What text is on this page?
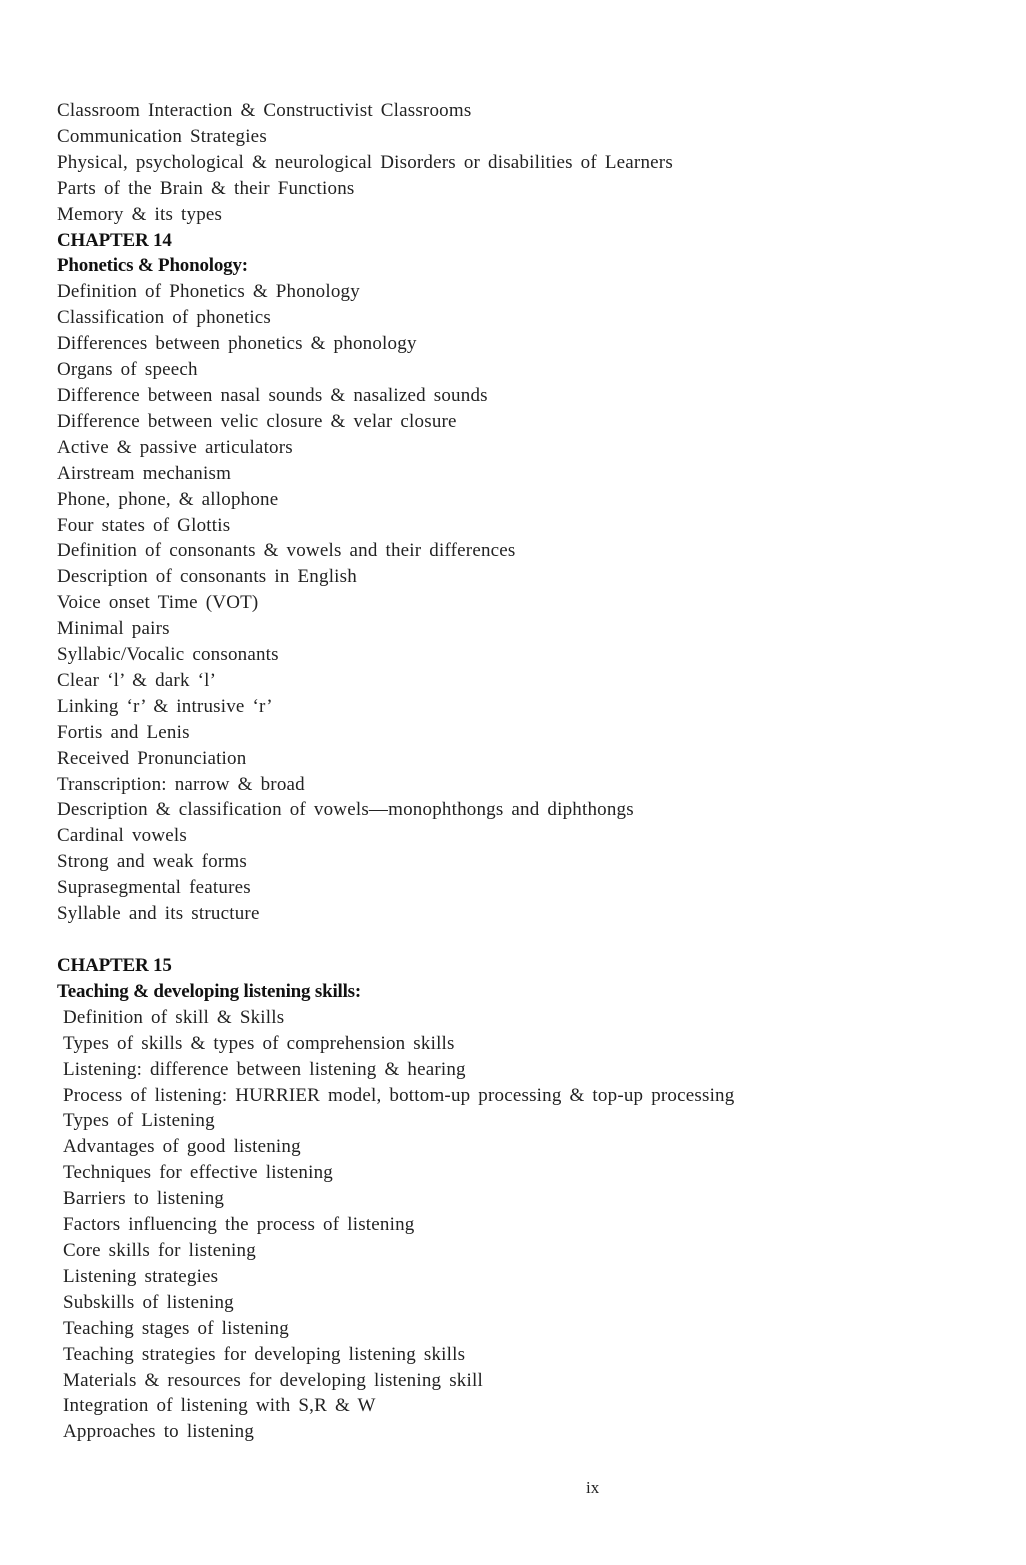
Classroom Interaction & Constructivist Classrooms
Communication Strategies
Physical, psychological & neurological Disorders or disabilities of Learners
Parts of the Brain & their Functions
Memory & its types
CHAPTER 14
Phonetics & Phonology:
Definition of Phonetics & Phonology
Classification of phonetics
Differences between phonetics & phonology
Organs of speech
Difference between nasal sounds & nasalized sounds
Difference between velic closure & velar closure
Active & passive articulators
Airstream mechanism
Phone, phone, & allophone
Four states of Glottis
Definition of consonants & vowels and their differences
Description of consonants in English
Voice onset Time (VOT)
Minimal pairs
Syllabic/Vocalic consonants
Clear ‘l’ & dark ‘l’
Linking ‘r’ & intrusive ‘r’
Fortis and Lenis
Received Pronunciation
Transcription: narrow & broad
Description & classification of vowels—monophthongs and diphthongs
Cardinal vowels
Strong and weak forms
Suprasegmental features
Syllable and its structure
CHAPTER 15
Teaching & developing listening skills:
Definition of skill & Skills
Types of skills & types of comprehension skills
Listening: difference between listening & hearing
Process of listening: HURRIER model, bottom-up processing & top-up processing
Types of Listening
Advantages of good listening
Techniques for effective listening
Barriers to listening
Factors influencing the process of listening
Core skills for listening
Listening strategies
Subskills of listening
Teaching stages of listening
Teaching strategies for developing listening skills
Materials & resources for developing listening skill
Integration of listening with S,R & W
Approaches to listening
ix
